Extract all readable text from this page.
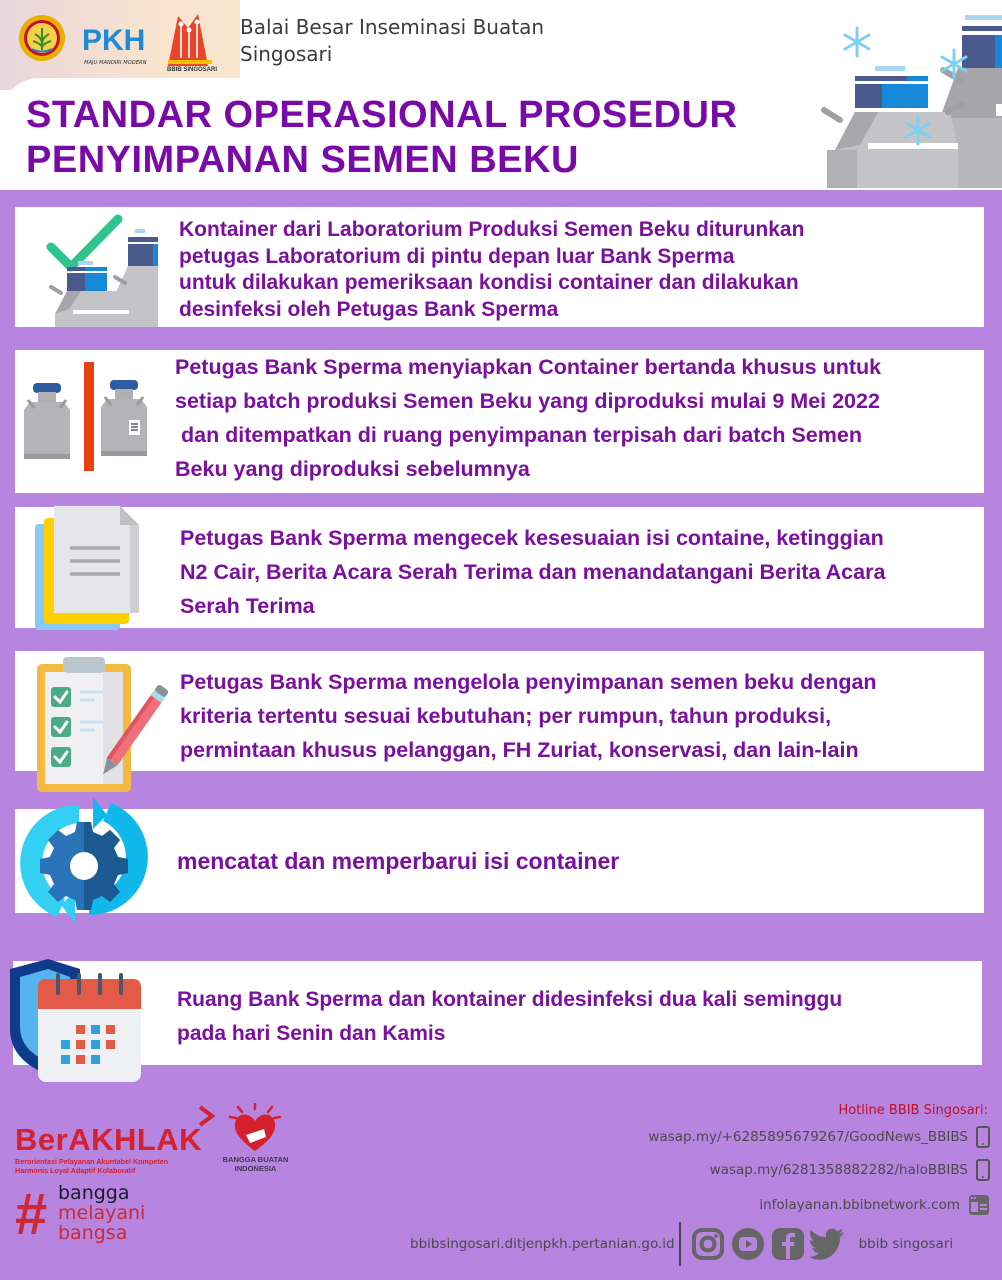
PKH
MAJU MANDIRI MODERN
BBIB SINGOSARI
Balai Besar Inseminasi Buatan
Singosari
STANDAR OPERASIONAL PROSEDUR
PENYIMPANAN SEMEN BEKU
Kontainer dari Laboratorium Produksi Semen Beku diturunkan
petugas Laboratorium di pintu depan luar Bank Sperma
untuk dilakukan pemeriksaan kondisi container dan dilakukan
desinfeksi oleh Petugas Bank Sperma
Petugas Bank Sperma menyiapkan Container bertanda khusus untuk
setiap batch produksi Semen Beku yang diproduksi mulai 9 Mei 2022
dan ditempatkan di ruang penyimpanan terpisah dari batch Semen
Beku yang diproduksi sebelumnya
Petugas Bank Sperma mengecek kesesuaian isi containe, ketinggian
N2 Cair, Berita Acara Serah Terima dan menandatangani Berita Acara
Serah Terima
Petugas Bank Sperma mengelola penyimpanan semen beku dengan
kriteria tertentu sesuai kebutuhan; per rumpun, tahun produksi,
permintaan khusus pelanggan, FH Zuriat, konservasi, dan lain-lain
mencatat dan memperbarui isi container
Ruang Bank Sperma dan kontainer didesinfeksi dua kali seminggu
pada hari Senin dan Kamis
BerAKHLAK
Berorientasi Pelayanan Akuntabel Kompeten
Harmonis Loyal Adaptif Kolaboratif
BANGGA BUATAN
INDONESIA
# bangga
melayani
bangsa
Hotline BBIB Singosari:
wasap.my/+6285895679267/GoodNews_BBIBS
wasap.my/6281358882282/haloBBIBS
infolayanan.bbibnetwork.com
bbibsingosari.ditjenpkh.pertanian.go.id	bbib singosari
